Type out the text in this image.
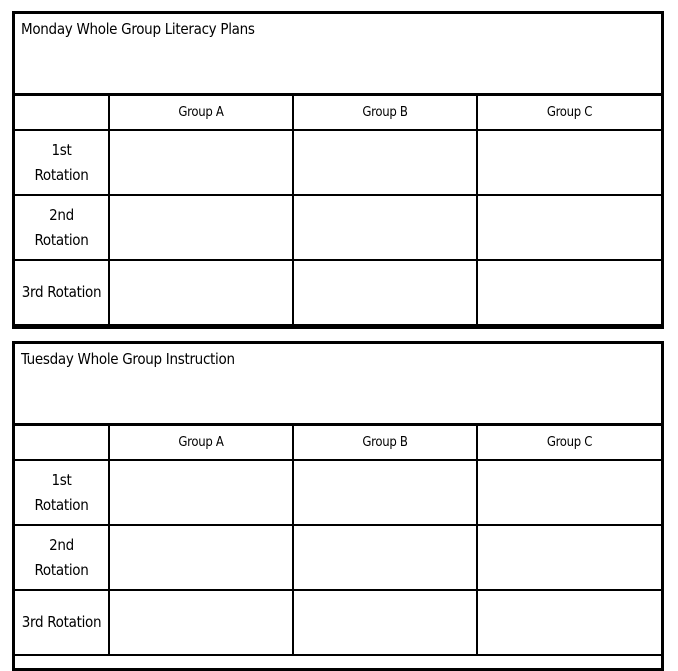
Monday Whole Group Literacy Plans
	Group A	Group B	Group C

1st
Rotation			

2nd
Rotation			

3rd Rotation			

Tuesday Whole Group Instruction
	Group A	Group B	Group C

1st
Rotation			

2nd
Rotation			

3rd Rotation			
